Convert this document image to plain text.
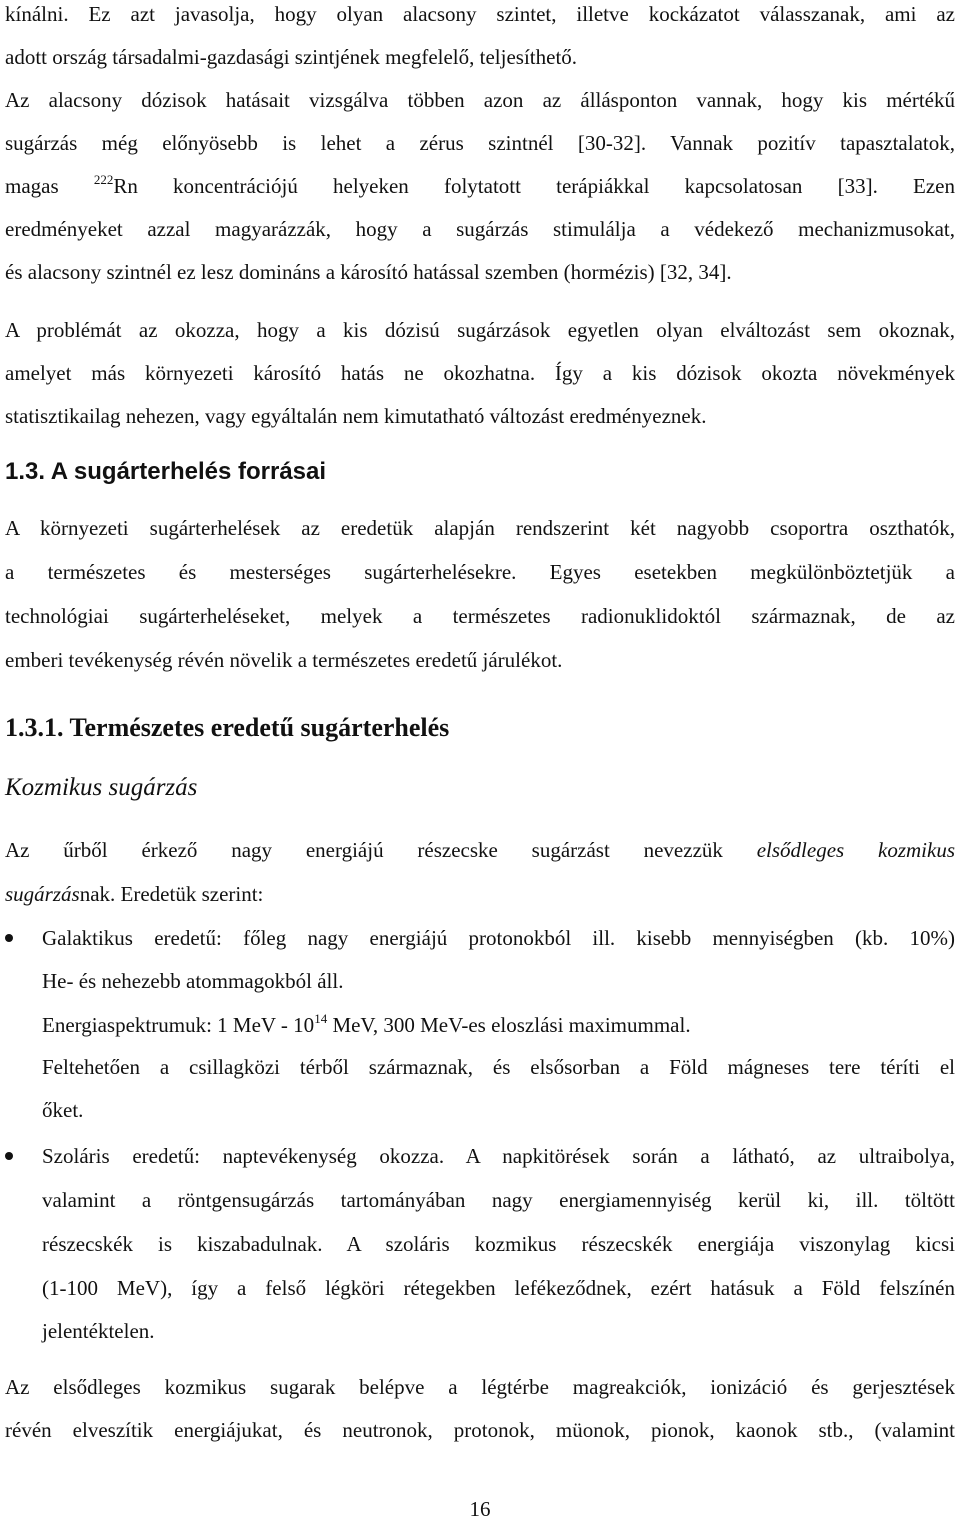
kínálni. Ez azt javasolja, hogy olyan alacsony szintet, illetve kockázatot válasszanak, ami az
adott ország társadalmi-gazdasági szintjének megfelelő, teljesíthető.
Az alacsony dózisok hatásait vizsgálva többen azon az állásponton vannak, hogy kis mértékű
sugárzás még előnyösebb is lehet a zérus szintnél [30-32]. Vannak pozitív tapasztalatok,
magas	$^{222}$Rn koncentrációjú helyeken folytatott terápiákkal kapcsolatosan [33]. Ezen
eredményeket azzal magyarázzák, hogy a sugárzás stimulálja a védekező mechanizmusokat,
és alacsony szintnél ez lesz domináns a károsító hatással szemben (hormézis) [32, 34].
A problémát az okozza, hogy a kis dózisú sugárzások egyetlen olyan elváltozást sem okoznak,
amelyet más környezeti károsító hatás ne okozhatna. Így a kis dózisok okozta növekmények
statisztikailag nehezen, vagy egyáltalán nem kimutatható változást eredményeznek.
1.3. A sugárterhelés forrásai
A környezeti sugárterhelések az eredetük alapján rendszerint két nagyobb csoportra oszthatók,
a természetes és mesterséges sugárterhelésekre. Egyes esetekben megkülönböztetjük a
technológiai sugárterheléseket, melyek a természetes radionuklidoktól származnak, de az
emberi tevékenység révén növelik a természetes eredetű járulékot.
1.3.1. Természetes eredetű sugárterhelés
Kozmikus sugárzás
Az űrből érkező nagy energiájú részecske sugárzást nevezzük elsődleges kozmikus
sugárzásnak. Eredetük szerint:
Galaktikus eredetű: főleg nagy energiájú protonokból ill. kisebb mennyiségben (kb. 10%)
He- és nehezebb atommagokból áll.
Energiaspektrumuk: 1 MeV - $10^{14}$ MeV, 300 MeV-es eloszlási maximummal.
Feltehetően a csillagközi térből származnak, és elsősorban a Föld mágneses tere téríti el
őket.
Szoláris eredetű: naptevékenység okozza. A napkitörések során a látható, az ultraibolya,
valamint a röntgensugárzás tartományában nagy energiamennyiség kerül ki, ill. töltött
részecskék is kiszabadulnak. A szoláris kozmikus részecskék energiája viszonylag kicsi
(1-100 MeV), így a felső légköri rétegekben lefékeződnek, ezért hatásuk a Föld felszínén
jelentéktelen.
Az elsődleges kozmikus sugarak belépve a légtérbe magreakciók, ionizáció és gerjesztések
révén elveszítik energiájukat, és neutronok, protonok, müonok, pionok, kaonok stb., (valamint
16
